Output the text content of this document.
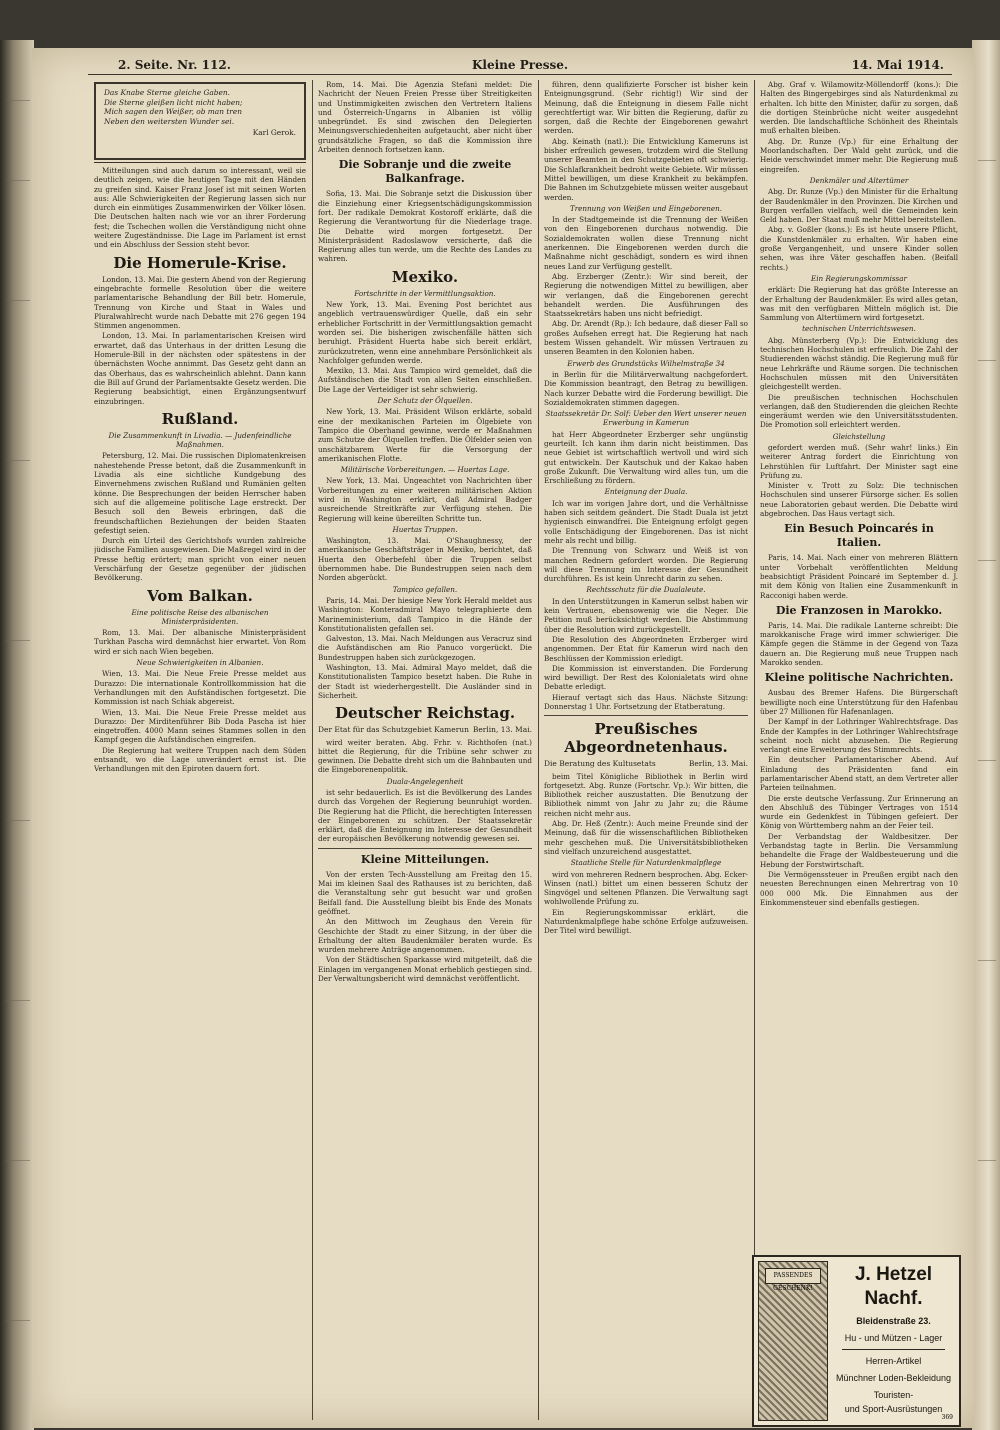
2. Seite. Nr. 112.	Kleine Presse.	14. Mai 1914.
Das Knabe Sterne gleiche Gaben.
Die Sterne gleißen licht nicht haben;
Mich sagen den Weißer, ob man tren
Neben den weitersten Wunder sei.
Karl Gerok.

Mitteilungen sind auch darum so interessant, weil sie deutlich zeigen, wie die heutigen Tage mit den Händen zu greifen sind. Kaiser Franz Josef ist mit seinen Worten aus: Alle Schwierigkeiten der Regierung lassen sich nur durch ein einmütiges Zusammenwirken der Völker lösen. Die Deutschen halten nach wie vor an ihrer Forderung fest; die Tschechen wollen die Verständigung nicht ohne weitere Zugeständnisse. Die Lage im Parlament ist ernst und ein Abschluss der Session steht bevor.

Die Homerule-Krise.

London, 13. Mai. Die gestern Abend von der Regierung eingebrachte formelle Resolution über die weitere parlamentarische Behandlung der Bill betr. Homerule, Trennung von Kirche und Staat in Wales und Pluralwahlrecht wurde nach Debatte mit 276 gegen 194 Stimmen angenommen.

London, 13. Mai. In parlamentarischen Kreisen wird erwartet, daß das Unterhaus in der dritten Lesung die Homerule-Bill in der nächsten oder spätestens in der übernächsten Woche annimmt. Das Gesetz geht dann an das Oberhaus, das es wahrscheinlich ablehnt. Dann kann die Bill auf Grund der Parlamentsakte Gesetz werden. Die Regierung beabsichtigt, einen Ergänzungsentwurf einzubringen.

Rußland.
Die Zusammenkunft in Livadia. — Judenfeindliche Maßnahmen.

Petersburg, 12. Mai. Die russischen Diplomatenkreisen nahestehende Presse betont, daß die Zusammenkunft in Livadia als eine sichtliche Kundgebung des Einvernehmens zwischen Rußland und Rumänien gelten könne. Die Besprechungen der beiden Herrscher haben sich auf die allgemeine politische Lage erstreckt. Der Besuch soll den Beweis erbringen, daß die freundschaftlichen Beziehungen der beiden Staaten gefestigt seien.

Durch ein Urteil des Gerichtshofs wurden zahlreiche jüdische Familien ausgewiesen. Die Maßregel wird in der Presse heftig erörtert; man spricht von einer neuen Verschärfung der Gesetze gegenüber der jüdischen Bevölkerung.

Vom Balkan.
Eine politische Reise des albanischen Ministerpräsidenten.

Rom, 13. Mai. Der albanische Ministerpräsident Turkhan Pascha wird demnächst hier erwartet. Von Rom wird er sich nach Wien begeben.

Neue Schwierigkeiten in Albanien.

Wien, 13. Mai. Die Neue Freie Presse meldet aus Durazzo: Die internationale Kontrollkommission hat die Verhandlungen mit den Aufständischen fortgesetzt. Die Kommission ist nach Schiak abgereist.

Wien, 13. Mai. Die Neue Freie Presse meldet aus Durazzo: Der Mirditenführer Bib Doda Pascha ist hier eingetroffen. 4000 Mann seines Stammes sollen in den Kampf gegen die Aufständischen eingreifen.

Die Regierung hat weitere Truppen nach dem Süden entsandt, wo die Lage unverändert ernst ist. Die Verhandlungen mit den Epiroten dauern fort.

Rom, 14. Mai. Die Agenzia Stefani meldet: Die Nachricht der Neuen Freien Presse über Streitigkeiten und Unstimmigkeiten zwischen den Vertretern Italiens und Österreich-Ungarns in Albanien ist völlig unbegründet. Es sind zwischen den Delegierten Meinungsverschiedenheiten aufgetaucht, aber nicht über grundsätzliche Fragen, so daß die Kommission ihre Arbeiten dennoch fortsetzen kann.

Die Sobranje und die zweite Balkanfrage.

Sofia, 13. Mai. Die Sobranje setzt die Diskussion über die Einziehung einer Kriegsentschädigungskommission fort. Der radikale Demokrat Kostoroff erklärte, daß die Regierung die Verantwortung für die Niederlage trage. Die Debatte wird morgen fortgesetzt. Der Ministerpräsident Radoslawow versicherte, daß die Regierung alles tun werde, um die Rechte des Landes zu wahren.

Mexiko.
Fortschritte in der Vermittlungsaktion.

New York, 13. Mai. Evening Post berichtet aus angeblich vertrauenswürdiger Quelle, daß ein sehr erheblicher Fortschritt in der Vermittlungsaktion gemacht worden sei. Die bisherigen zwischenfälle hätten sich beruhigt. Präsident Huerta habe sich bereit erklärt, zurückzutreten, wenn eine annehmbare Persönlichkeit als Nachfolger gefunden werde.

Mexiko, 13. Mai. Aus Tampico wird gemeldet, daß die Aufständischen die Stadt von allen Seiten einschließen. Die Lage der Verteidiger ist sehr schwierig.

Der Schutz der Ölquellen.

New York, 13. Mai. Präsident Wilson erklärte, sobald eine der mexikanischen Parteien im Ölgebiete von Tampico die Oberhand gewinne, werde er Maßnahmen zum Schutze der Ölquellen treffen. Die Ölfelder seien von unschätzbarem Werte für die Versorgung der amerikanischen Flotte.

Militärische Vorbereitungen. — Huertas Lage.

New York, 13. Mai. Ungeachtet von Nachrichten über Vorbereitungen zu einer weiteren militärischen Aktion wird in Washington erklärt, daß Admiral Badger ausreichende Streitkräfte zur Verfügung stehen. Die Regierung will keine übereilten Schritte tun.

Huertas Truppen.

Washington, 13. Mai. O'Shaughnessy, der amerikanische Geschäftsträger in Mexiko, berichtet, daß Huerta den Oberbefehl über die Truppen selbst übernommen habe. Die Bundestruppen seien nach dem Norden abgerückt.

Tampico gefallen.

Paris, 14. Mai. Der hiesige New York Herald meldet aus Washington: Konteradmiral Mayo telegraphierte dem Marineministerium, daß Tampico in die Hände der Konstitutionalisten gefallen sei.

Galveston, 13. Mai. Nach Meldungen aus Veracruz sind die Aufständischen am Rio Panuco vorgerückt. Die Bundestruppen haben sich zurückgezogen.

Washington, 13. Mai. Admiral Mayo meldet, daß die Konstitutionalisten Tampico besetzt haben. Die Ruhe in der Stadt ist wiederhergestellt. Die Ausländer sind in Sicherheit.

Deutscher Reichstag.
Der Etat für das Schutzgebiet Kamerun Berlin, 13. Mai.

wird weiter beraten. Abg. Frhr. v. Richthofen (nat.) bittet die Regierung, für die Tribüne sehr schwer zu gewinnen. Die Debatte dreht sich um die Bahnbauten und die Eingeborenenpolitik.

Duala-Angelegenheit

ist sehr bedauerlich. Es ist die Bevölkerung des Landes durch das Vorgehen der Regierung beunruhigt worden. Die Regierung hat die Pflicht, die berechtigten Interessen der Eingeborenen zu schützen. Der Staatssekretär erklärt, daß die Enteignung im Interesse der Gesundheit der europäischen Bevölkerung notwendig gewesen sei.

Kleine Mitteilungen.

Von der ersten Tech-Ausstellung am Freitag den 15. Mai im kleinen Saal des Rathauses ist zu berichten, daß die Veranstaltung sehr gut besucht war und großen Beifall fand. Die Ausstellung bleibt bis Ende des Monats geöffnet.

An den Mittwoch im Zeughaus den Verein für Geschichte der Stadt zu einer Sitzung, in der über die Erhaltung der alten Baudenkmäler beraten wurde. Es wurden mehrere Anträge angenommen.

Von der Städtischen Sparkasse wird mitgeteilt, daß die Einlagen im vergangenen Monat erheblich gestiegen sind. Der Verwaltungsbericht wird demnächst veröffentlicht.

führen, denn qualifizierte Forscher ist bisher kein Enteignungsgrund. (Sehr richtig!) Wir sind der Meinung, daß die Enteignung in diesem Falle nicht gerechtfertigt war. Wir bitten die Regierung, dafür zu sorgen, daß die Rechte der Eingeborenen gewahrt werden.

Abg. Keinath (natl.): Die Entwicklung Kameruns ist bisher erfreulich gewesen, trotzdem wird die Stellung unserer Beamten in den Schutzgebieten oft schwierig. Die Schlafkrankheit bedroht weite Gebiete. Wir müssen Mittel bewilligen, um diese Krankheit zu bekämpfen. Die Bahnen im Schutzgebiete müssen weiter ausgebaut werden.

Trennung von Weißen und Eingeborenen.

In der Stadtgemeinde ist die Trennung der Weißen von den Eingeborenen durchaus notwendig. Die Sozialdemokraten wollen diese Trennung nicht anerkennen. Die Eingeborenen werden durch die Maßnahme nicht geschädigt, sondern es wird ihnen neues Land zur Verfügung gestellt.

Abg. Erzberger (Zentr.): Wir sind bereit, der Regierung die notwendigen Mittel zu bewilligen, aber wir verlangen, daß die Eingeborenen gerecht behandelt werden. Die Ausführungen des Staatssekretärs haben uns nicht befriedigt.

Abg. Dr. Arendt (Rp.): Ich bedaure, daß dieser Fall so großes Aufsehen erregt hat. Die Regierung hat nach bestem Wissen gehandelt. Wir müssen Vertrauen zu unseren Beamten in den Kolonien haben.

Erwerb des Grundstücks Wilhelmstraße 34

in Berlin für die Militärverwaltung nachgefordert. Die Kommission beantragt, den Betrag zu bewilligen. Nach kurzer Debatte wird die Forderung bewilligt. Die Sozialdemokraten stimmen dagegen.

Staatssekretär Dr. Solf: Ueber den Wert unserer neuen Erwerbung in Kamerun

hat Herr Abgeordneter Erzberger sehr ungünstig geurteilt. Ich kann ihm darin nicht beistimmen. Das neue Gebiet ist wirtschaftlich wertvoll und wird sich gut entwickeln. Der Kautschuk und der Kakao haben große Zukunft. Die Verwaltung wird alles tun, um die Erschließung zu fördern.

Enteignung der Duala.

Ich war im vorigen Jahre dort, und die Verhältnisse haben sich seitdem geändert. Die Stadt Duala ist jetzt hygienisch einwandfrei. Die Enteignung erfolgt gegen volle Entschädigung der Eingeborenen. Das ist nicht mehr als recht und billig.

Die Trennung von Schwarz und Weiß ist von manchen Rednern gefordert worden. Die Regierung will diese Trennung im Interesse der Gesundheit durchführen. Es ist kein Unrecht darin zu sehen.

Rechtsschutz für die Dualaleute.

In den Unterstützungen in Kamerun selbst haben wir kein Vertrauen, ebensowenig wie die Neger. Die Petition muß berücksichtigt werden. Die Abstimmung über die Resolution wird zurückgestellt.

Die Resolution des Abgeordneten Erzberger wird angenommen. Der Etat für Kamerun wird nach den Beschlüssen der Kommission erledigt.

Die Kommission ist einverstanden. Die Forderung wird bewilligt. Der Rest des Kolonialetats wird ohne Debatte erledigt.

Hierauf vertagt sich das Haus. Nächste Sitzung: Donnerstag 1 Uhr. Fortsetzung der Etatberatung.

Preußisches Abgeordnetenhaus.
Die Beratung des Kultusetats	Berlin, 13. Mai.

beim Titel Königliche Bibliothek in Berlin wird fortgesetzt. Abg. Runze (Fortschr. Vp.): Wir bitten, die Bibliothek reicher auszustatten. Die Benutzung der Bibliothek nimmt von Jahr zu Jahr zu; die Räume reichen nicht mehr aus.

Abg. Dr. Heß (Zentr.): Auch meine Freunde sind der Meinung, daß für die wissenschaftlichen Bibliotheken mehr geschehen muß. Die Universitätsbibliotheken sind vielfach unzureichend ausgestattet.

Staatliche Stelle für Naturdenkmalpflege

wird von mehreren Rednern besprochen. Abg. Ecker-Winsen (natl.) bittet um einen besseren Schutz der Singvögel und seltenen Pflanzen. Die Verwaltung sagt wohlwollende Prüfung zu.

Ein Regierungskommissar erklärt, die Naturdenkmalpflege habe schöne Erfolge aufzuweisen. Der Titel wird bewilligt.

Abg. Graf v. Wilamowitz-Möllendorff (kons.): Die Halten des Bingergebirges sind als Naturdenkmal zu erhalten. Ich bitte den Minister, dafür zu sorgen, daß die dortigen Steinbrüche nicht weiter ausgedehnt werden. Die landschaftliche Schönheit des Rheintals muß erhalten bleiben.

Abg. Dr. Runze (Vp.) für eine Erhaltung der Moorlandschaften. Der Wald geht zurück, und die Heide verschwindet immer mehr. Die Regierung muß eingreifen.

Denkmäler und Altertümer

Abg. Dr. Runze (Vp.) den Minister für die Erhaltung der Baudenkmäler in den Provinzen. Die Kirchen und Burgen verfallen vielfach, weil die Gemeinden kein Geld haben. Der Staat muß mehr Mittel bereitstellen.

Abg. v. Goßler (kons.): Es ist heute unsere Pflicht, die Kunstdenkmäler zu erhalten. Wir haben eine große Vergangenheit, und unsere Kinder sollen sehen, was ihre Väter geschaffen haben. (Beifall rechts.)

Ein Regierungskommissar

erklärt: Die Regierung hat das größte Interesse an der Erhaltung der Baudenkmäler. Es wird alles getan, was mit den verfügbaren Mitteln möglich ist. Die Sammlung von Altertümern wird fortgesetzt.

technischen Unterrichtswesen.

Abg. Münsterberg (Vp.): Die Entwicklung des technischen Hochschulen ist erfreulich. Die Zahl der Studierenden wächst ständig. Die Regierung muß für neue Lehrkräfte und Räume sorgen. Die technischen Hochschulen müssen mit den Universitäten gleichgestellt werden.

Die preußischen technischen Hochschulen verlangen, daß den Studierenden die gleichen Rechte eingeräumt werden wie den Universitätsstudenten. Die Promotion soll erleichtert werden.

Gleichstellung

gefordert werden muß. (Sehr wahr! links.) Ein weiterer Antrag fordert die Einrichtung von Lehrstühlen für Luftfahrt. Der Minister sagt eine Prüfung zu.

Minister v. Trott zu Solz: Die technischen Hochschulen sind unserer Fürsorge sicher. Es sollen neue Laboratorien gebaut werden. Die Debatte wird abgebrochen. Das Haus vertagt sich.

Ein Besuch Poincarés in Italien.

Paris, 14. Mai. Nach einer von mehreren Blättern unter Vorbehalt veröffentlichten Meldung beabsichtigt Präsident Poincaré im September d. J. mit dem König von Italien eine Zusammenkunft in Racconigi haben werde.

Die Franzosen in Marokko.

Paris, 14. Mai. Die radikale Lanterne schreibt: Die marokkanische Frage wird immer schwieriger. Die Kämpfe gegen die Stämme in der Gegend von Taza dauern an. Die Regierung muß neue Truppen nach Marokko senden.

Kleine politische Nachrichten.

Ausbau des Bremer Hafens. Die Bürgerschaft bewilligte noch eine Unterstützung für den Hafenbau über 27 Millionen für Hafenanlagen.

Der Kampf in der Lothringer Wahlrechtsfrage. Das Ende der Kampfes in der Lothringer Wahlrechtsfrage scheint noch nicht abzusehen. Die Regierung verlangt eine Erweiterung des Stimmrechts.

Ein deutscher Parlamentarischer Abend. Auf Einladung des Präsidenten fand ein parlamentarischer Abend statt, an dem Vertreter aller Parteien teilnahmen.

Die erste deutsche Verfassung. Zur Erinnerung an den Abschluß des Tübinger Vertrages von 1514 wurde ein Gedenkfest in Tübingen gefeiert. Der König von Württemberg nahm an der Feier teil.

Der Verbandstag der Waldbesitzer. Der Verbandstag tagte in Berlin. Die Versammlung behandelte die Frage der Waldbesteuerung und die Hebung der Forstwirtschaft.

Die Vermögenssteuer in Preußen ergibt nach den neuesten Berechnungen einen Mehrertrag von 10 000 000 Mk. Die Einnahmen aus der Einkommensteuer sind ebenfalls gestiegen.

PASSENDES GESCHENK!
J. Hetzel Nachf.
Bleidenstraße 23.
Hu - und Mützen - Lager
Herren-Artikel
Münchner Loden-Bekleidung
Touristen-
und Sport-Ausrüstungen
369
